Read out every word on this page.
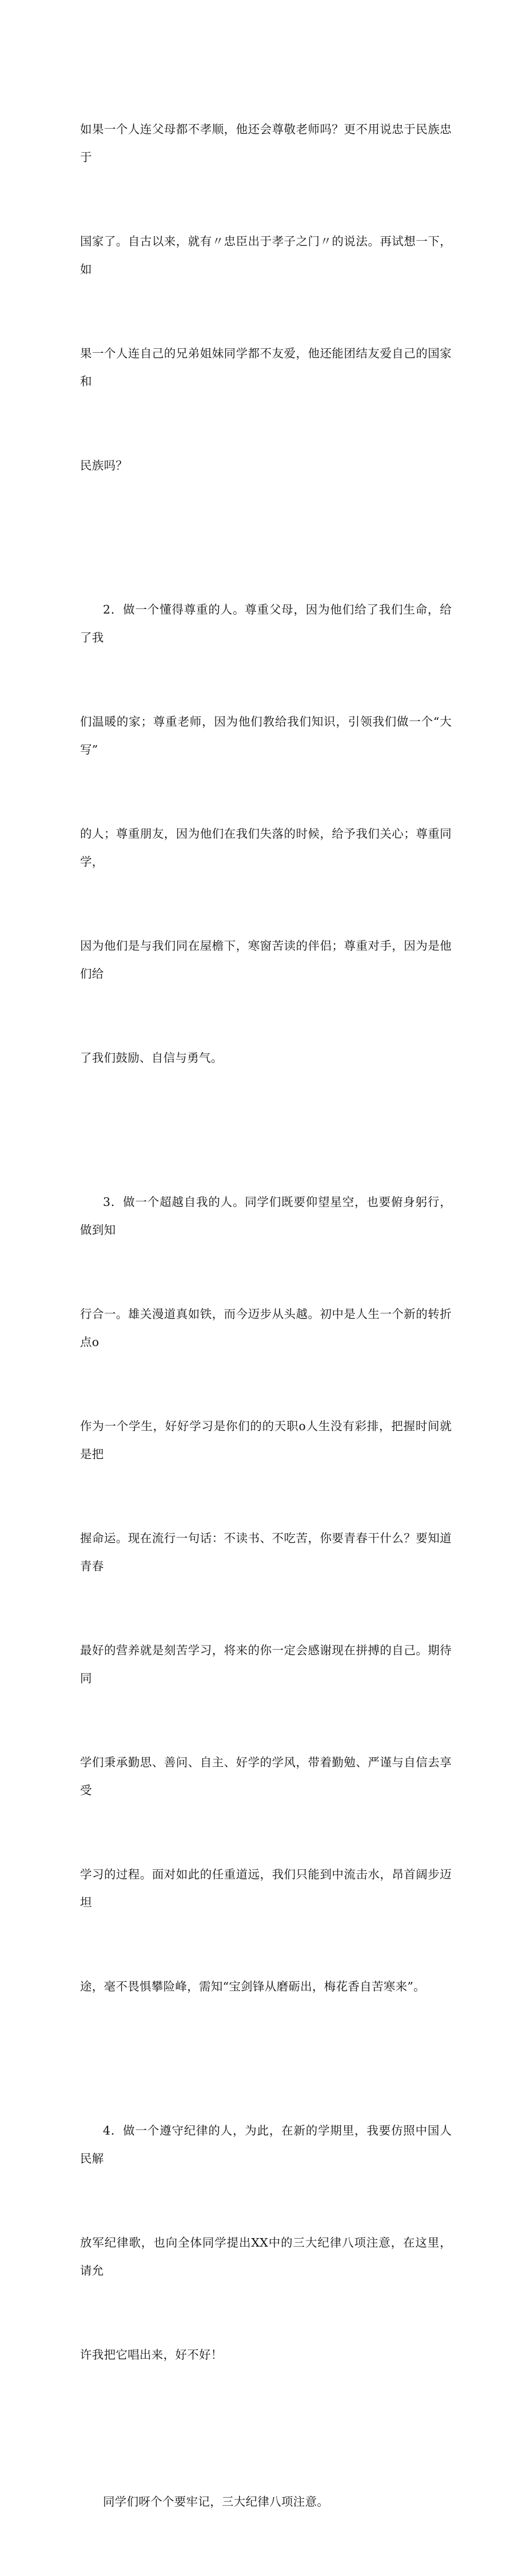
如果一个人连父母都不孝顺，他还会尊敬老师吗？更不用说忠于民族忠于

国家了。自古以来，就有〃忠臣出于孝子之门〃的说法。再试想一下，如

果一个人连自己的兄弟姐妹同学都不友爱，他还能团结友爱自己的国家和

民族吗？

2．做一个懂得尊重的人。尊重父母，因为他们给了我们生命，给了我

们温暖的家；尊重老师，因为他们教给我们知识，引领我们做一个“大写”

的人；尊重朋友，因为他们在我们失落的时候，给予我们关心；尊重同学，

因为他们是与我们同在屋檐下，寒窗苦读的伴侣；尊重对手，因为是他们给

了我们鼓励、自信与勇气。

3．做一个超越自我的人。同学们既要仰望星空，也要俯身躬行，做到知

行合一。雄关漫道真如铁，而今迈步从头越。初中是人生一个新的转折点o

作为一个学生，好好学习是你们的的天职o人生没有彩排，把握时间就是把

握命运。现在流行一句话：不读书、不吃苦，你要青春干什么？要知道青春

最好的营养就是刻苦学习，将来的你一定会感谢现在拼搏的自己。期待同

学们秉承勤思、善问、自主、好学的学风，带着勤勉、严谨与自信去享受

学习的过程。面对如此的任重道远，我们只能到中流击水，昂首阔步迈坦

途，毫不畏惧攀险峰，需知“宝剑锋从磨砺出，梅花香自苦寒来”。

4．做一个遵守纪律的人，为此，在新的学期里，我要仿照中国人民解

放军纪律歌，也向全体同学提出XX中的三大纪律八项注意，在这里，请允

许我把它唱出来，好不好！

同学们呀个个要牢记，三大纪律八项注意。
